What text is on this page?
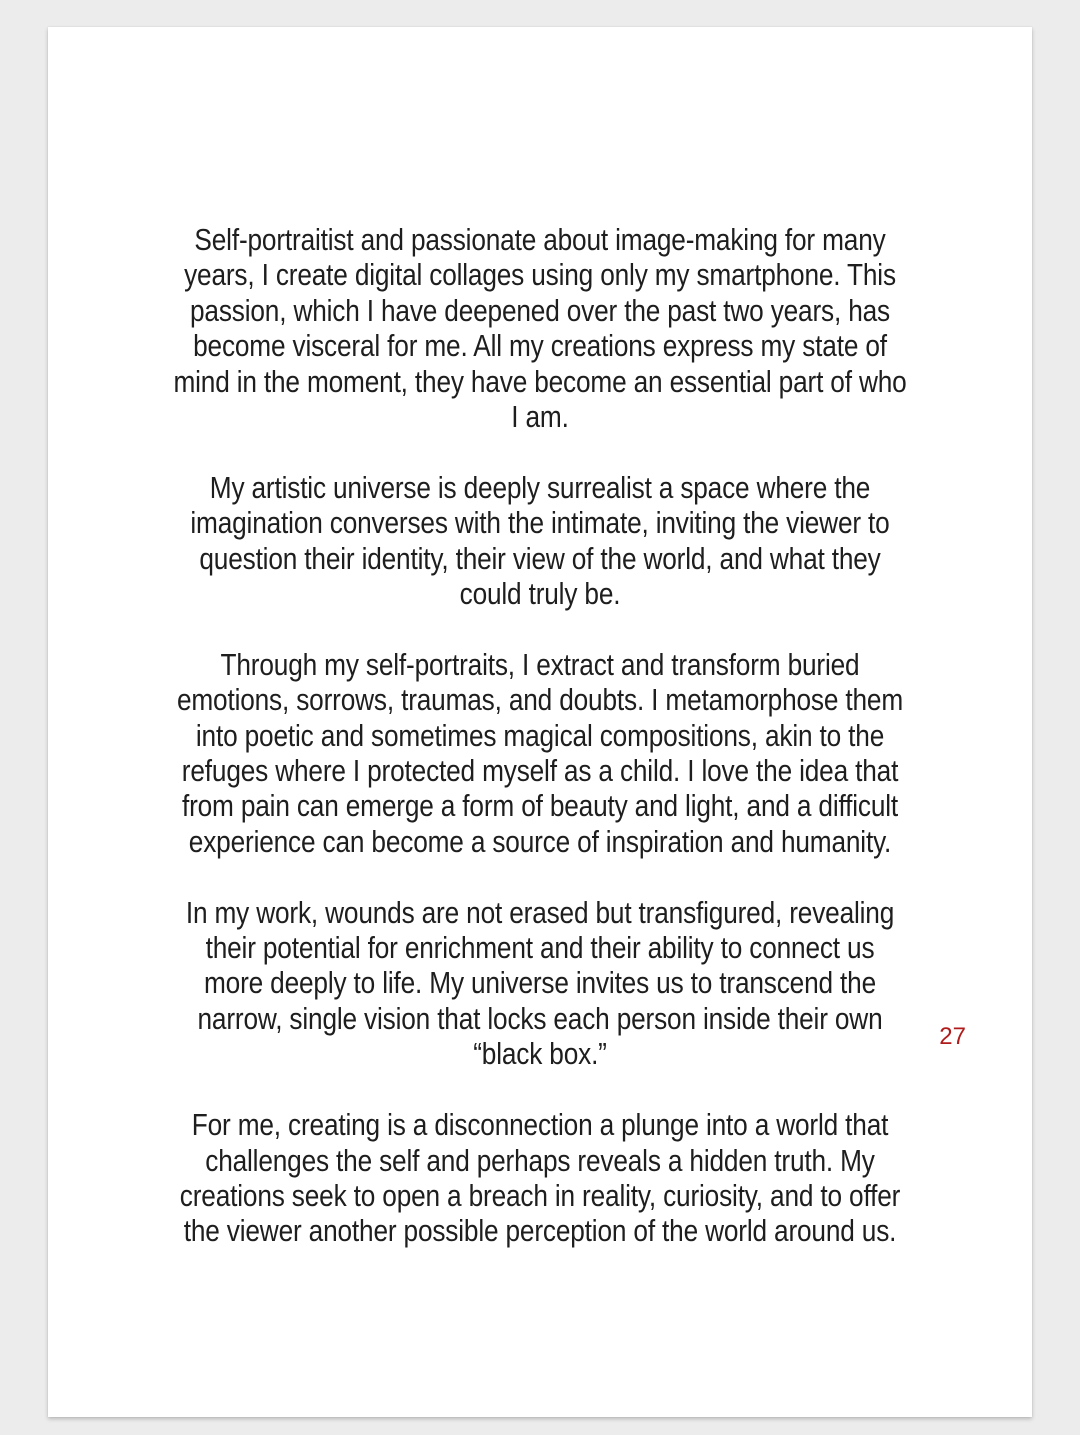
Self-portraitist and passionate about image-making for many
years, I create digital collages using only my smartphone. This
passion, which I have deepened over the past two years, has
become visceral for me. All my creations express my state of
mind in the moment, they have become an essential part of who
I am.

My artistic universe is deeply surrealist a space where the
imagination converses with the intimate, inviting the viewer to
question their identity, their view of the world, and what they
could truly be.

Through my self-portraits, I extract and transform buried
emotions, sorrows, traumas, and doubts. I metamorphose them
into poetic and sometimes magical compositions, akin to the
refuges where I protected myself as a child. I love the idea that
from pain can emerge a form of beauty and light, and a difficult
experience can become a source of inspiration and humanity.

In my work, wounds are not erased but transfigured, revealing
their potential for enrichment and their ability to connect us
more deeply to life. My universe invites us to transcend the
narrow, single vision that locks each person inside their own
“black box.”

For me, creating is a disconnection a plunge into a world that
challenges the self and perhaps reveals a hidden truth. My
creations seek to open a breach in reality, curiosity, and to offer
the viewer another possible perception of the world around us.

27
